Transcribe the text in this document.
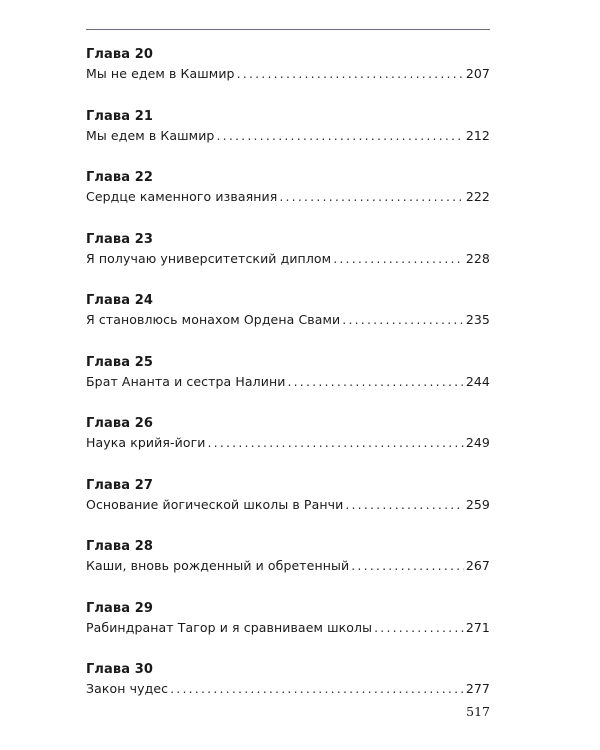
Глава 20
Мы не едем в Кашмир .....	207
Глава 21
Мы едем в Кашмир .....	212
Глава 22
Сердце каменного изваяния .....	222
Глава 23
Я получаю университетский диплом .....	228
Глава 24
Я становлюсь монахом Ордена Свами .....	235
Глава 25
Брат Ананта и сестра Налини .....	244
Глава 26
Наука крийя-йоги .....	249
Глава 27
Основание йогической школы в Ранчи .....	259
Глава 28
Каши, вновь рожденный и обретенный .....	267
Глава 29
Рабиндранат Тагор и я сравниваем школы .....	271
Глава 30
Закон чудес .....	277
517
